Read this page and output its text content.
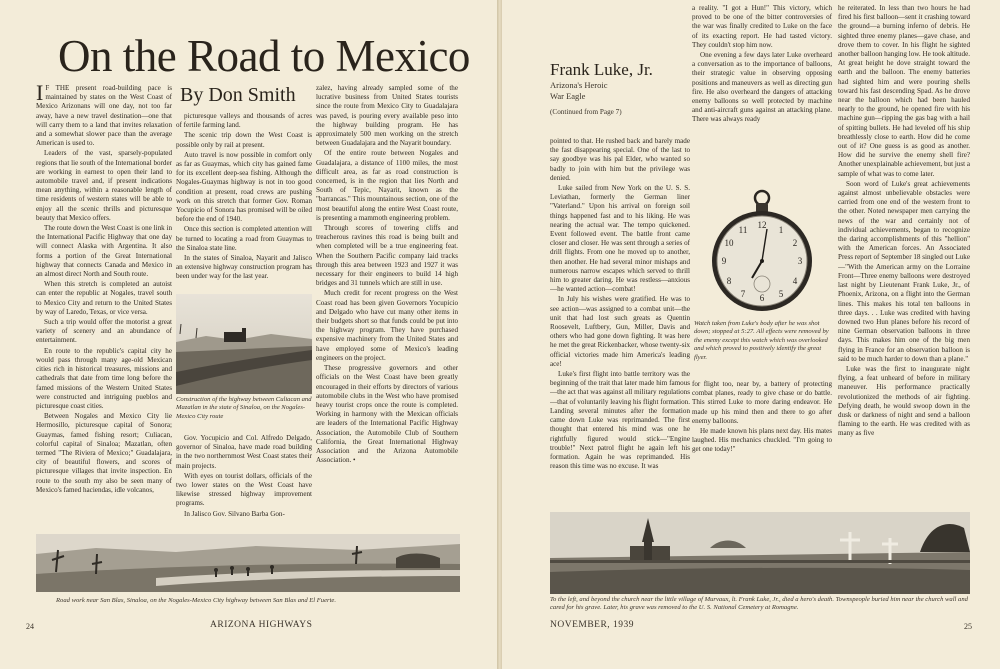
On the Road to Mexico
By Don Smith

I F THE present road-building pace is maintained by states on the West Coast of Mexico Arizonans will one day, not too far away, have a new travel destination—one that will carry them to a land that invites relaxation and a somewhat slower pace than the average American is used to.

Leaders of the vast, sparsely-populated regions that lie south of the International border are working in earnest to open their land to automobile travel and, if present indications mean anything, within a reasonable length of time residents of western states will be able to enjoy all the scenic thrills and picturesque beauty that Mexico offers.

The route down the West Coast is one link in the International Pacific Highway that one day will connect Alaska with Argentina. It also forms a portion of the Great International highway that connects Canada and Mexico in an almost direct North and South route.

When this stretch is completed an autoist can enter the republic at Nogales, travel south to Mexico City and return to the United States by way of Laredo, Texas, or vice versa.

Such a trip would offer the motorist a great variety of scenery and an abundance of entertainment.

En route to the republic's capital city he would pass through many age-old Mexican cities rich in historical treasures, missions and cathedrals that date from time long before the famed missions of the Western United States were constructed and intriguing pueblos and picturesque coast cities.

Between Nogales and Mexico City lie Hermosillo, picturesque capital of Sonora; Guaymas, famed fishing resort; Culiacan, colorful capital of Sinaloa; Mazatlan, often termed "The Riviera of Mexico;" Guadalajara, city of beautiful flowers, and scores of picturesque villages that invite inspection. En route to the south my also be seen many of Mexico's famed haciendas, idle volcanos,

picturesque valleys and thousands of acres of fertile farming land.

The scenic trip down the West Coast is possible only by rail at present.

Auto travel is now possible in comfort only as far as Guaymas, which city has gained fame for its excellent deep-sea fishing. Although the Nogales-Guaymas highway is not in too good condition at present, road crews are pushing work on this stretch that former Gov. Roman Yocupicio of Sonora has promised will be oiled before the end of 1940.

Once this section is completed attention will be turned to locating a road from Guaymas to the Sinaloa state line.

In the states of Sinaloa, Nayarit and Jalisco an extensive highway construction program has been under way for the last year.

Construction of the highway between Culiacan and Mazatlan in the state of Sinaloa, on the Nogales-Mexico City route

Gov. Yocupicio and Col. Alfredo Delgado, governor of Sinaloa, have made road building in the two northernmost West Coast states their main projects.

With eyes on tourist dollars, officials of the two lower states on the West Coast have likewise stressed highway improvement programs.

In Jalisco Gov. Silvano Barba Gon-

zalez, having already sampled some of the lucrative business from United States tourists since the route from Mexico City to Guadalajara was paved, is pouring every available peso into the highway building program. He has approximately 500 men working on the stretch between Guadalajara and the Nayarit boundary.

Of the entire route between Nogales and Guadalajara, a distance of 1100 miles, the most difficult area, as far as road construction is concerned, is in the region that lies North and South of Tepic, Nayarit, known as the "barrancas." This mountainous section, one of the most beautiful along the entire West Coast route, is presenting a mammoth engineering problem.

Through scores of towering cliffs and treacherous ravines this road is being built and when completed will be a true engineering feat. When the Southern Pacific company laid tracks through this area between 1923 and 1927 it was necessary for their engineers to build 14 high bridges and 31 tunnels which are still in use.

Much credit for recent progress on the West Coast road has been given Governors Yocupicio and Delgado who have cut many other items in their budgets short so that funds could be put into the highway program. They have purchased expensive machinery from the United States and have employed some of Mexico's leading engineers on the project.

These progressive governors and other officials on the West Coast have been greatly encouraged in their efforts by directors of various automobile clubs in the West who have promised heavy tourist crops once the route is completed. Working in harmony with the Mexican officials are leaders of the International Pacific Highway Association, the Automobile Club of Southern California, the Great International Highway Association and the Arizona Automobile Association. •

Road work near San Blas, Sinaloa, on the Nogales-Mexico City highway between San Blas and El Fuerte.
24	ARIZONA HIGHWAYS
Frank Luke, Jr.
Arizona's Heroic
War Eagle
(Continued from Page 7)

pointed to that. He rushed back and barely made the fast disappearing special. One of the last to say goodbye was his pal Elder, who wanted so badly to join with him but the privilege was denied.

Luke sailed from New York on the U. S. S. Leviathan, formerly the German liner "Vaterland." Upon his arrival on foreign soil things happened fast and to his liking. He was nearing the actual war. The tempo quickened. Event followed event. The battle front came closer and closer. He was sent through a series of drill flights. From one he moved up to another, then another. He had several minor mishaps and numerous narrow escapes which served to thrill him to greater daring. He was restless—anxious—he wanted action—combat!

In July his wishes were gratified. He was to see action—was assigned to a combat unit—the unit that had lost such greats as Quentin Roosevelt, Luftbery, Gun, Miller, Davis and others who had gone down fighting. It was here he met the great Rickenbacker, whose twenty-six official victories made him America's leading ace!

Luke's first flight into battle territory was the beginning of the trait that later made him famous—the act that was against all military regulations—that of voluntarily leaving his flight formation. Landing several minutes after the formation came down Luke was reprimanded. The first thought that entered his mind was one he rightfully figured would stick—"Engine trouble!" Next patrol flight he again left his formation. Again he was reprimanded. His reason this time was no excuse. It was

a reality. "I got a Hun!" This victory, which proved to be one of the bitter controversies of the war was finally credited to Luke on the face of its exacting report. He had tasted victory. They couldn't stop him now.

One evening a few days later Luke overheard a conversation as to the importance of balloons, their strategic value in observing opposing positions and maneuvers as well as directing gun fire. He also overheard the dangers of attacking enemy balloons so well protected by machine and anti-aircraft guns against an attacking plane. There was always ready

12
6
3
9
1
2
4
5
7
8
10
11
Watch taken from Luke's body after he was shot down; stopped at 5:27. All effects were removed by the enemy except this watch which was overlooked and which proved to positively identify the great flyer.

for flight too, near by, a battery of protecting combat planes, ready to give chase or do battle. This stirred Luke to more daring endeavor. He made up his mind then and there to go after enemy balloons.

He made known his plans next day. His mates laughed. His mechanics chuckled. "I'm going to get one today!"

he reiterated. In less than two hours he had fired his first balloon—sent it crashing toward the ground—a burning inferno of debris. He sighted three enemy planes—gave chase, and drove them to cover. In his flight he sighted another balloon hanging low. He took altitude. At great height he dove straight toward the earth and the balloon. The enemy batteries had sighted him and were pouring shells toward his fast descending Spad. As he drove near the balloon which had been hauled nearly to the ground, he opened fire with his machine gun—ripping the gas bag with a hail of spitting bullets. He had leveled off his ship breathlessly close to earth. How did he come out of it? One guess is as good as another. How did he survive the enemy shell fire? Another unexplainable achievement, but just a sample of what was to come later.

Soon word of Luke's great achievements against almost unbelievable obstacles were carried from one end of the western front to the other. Noted newspaper men carrying the news of the war and certainly not of individual achievements, began to recognize the daring accomplishments of this "hellion" with the American forces. An Associated Press report of September 18 singled out Luke—"With the American army on the Lorraine Front—Three enemy balloons were destroyed last night by Lieutenant Frank Luke, Jr., of Phoenix, Arizona, on a flight into the German lines. This makes his total ten balloons in three days. . . Luke was credited with having downed two Hun planes before his record of nine German observation balloons in three days. This makes him one of the big men flying in France for an observation balloon is said to be much harder to down than a plane."

Luke was the first to inaugurate night flying, a feat unheard of before in military maneuver. His performance practically revolutionized the methods of air fighting. Defying death, he would swoop down in the dusk or darkness of night and send a balloon flaming to the earth. He was credited with as many as five

To the left, and beyond the church near the little village of Murvaux, lt. Frank Luke, Jr., died a hero's death. Townspeople buried him near the church wall and cared for his grave. Later, his grave was removed to the U. S. National Cemetery at Romagne.
NOVEMBER, 1939	25
